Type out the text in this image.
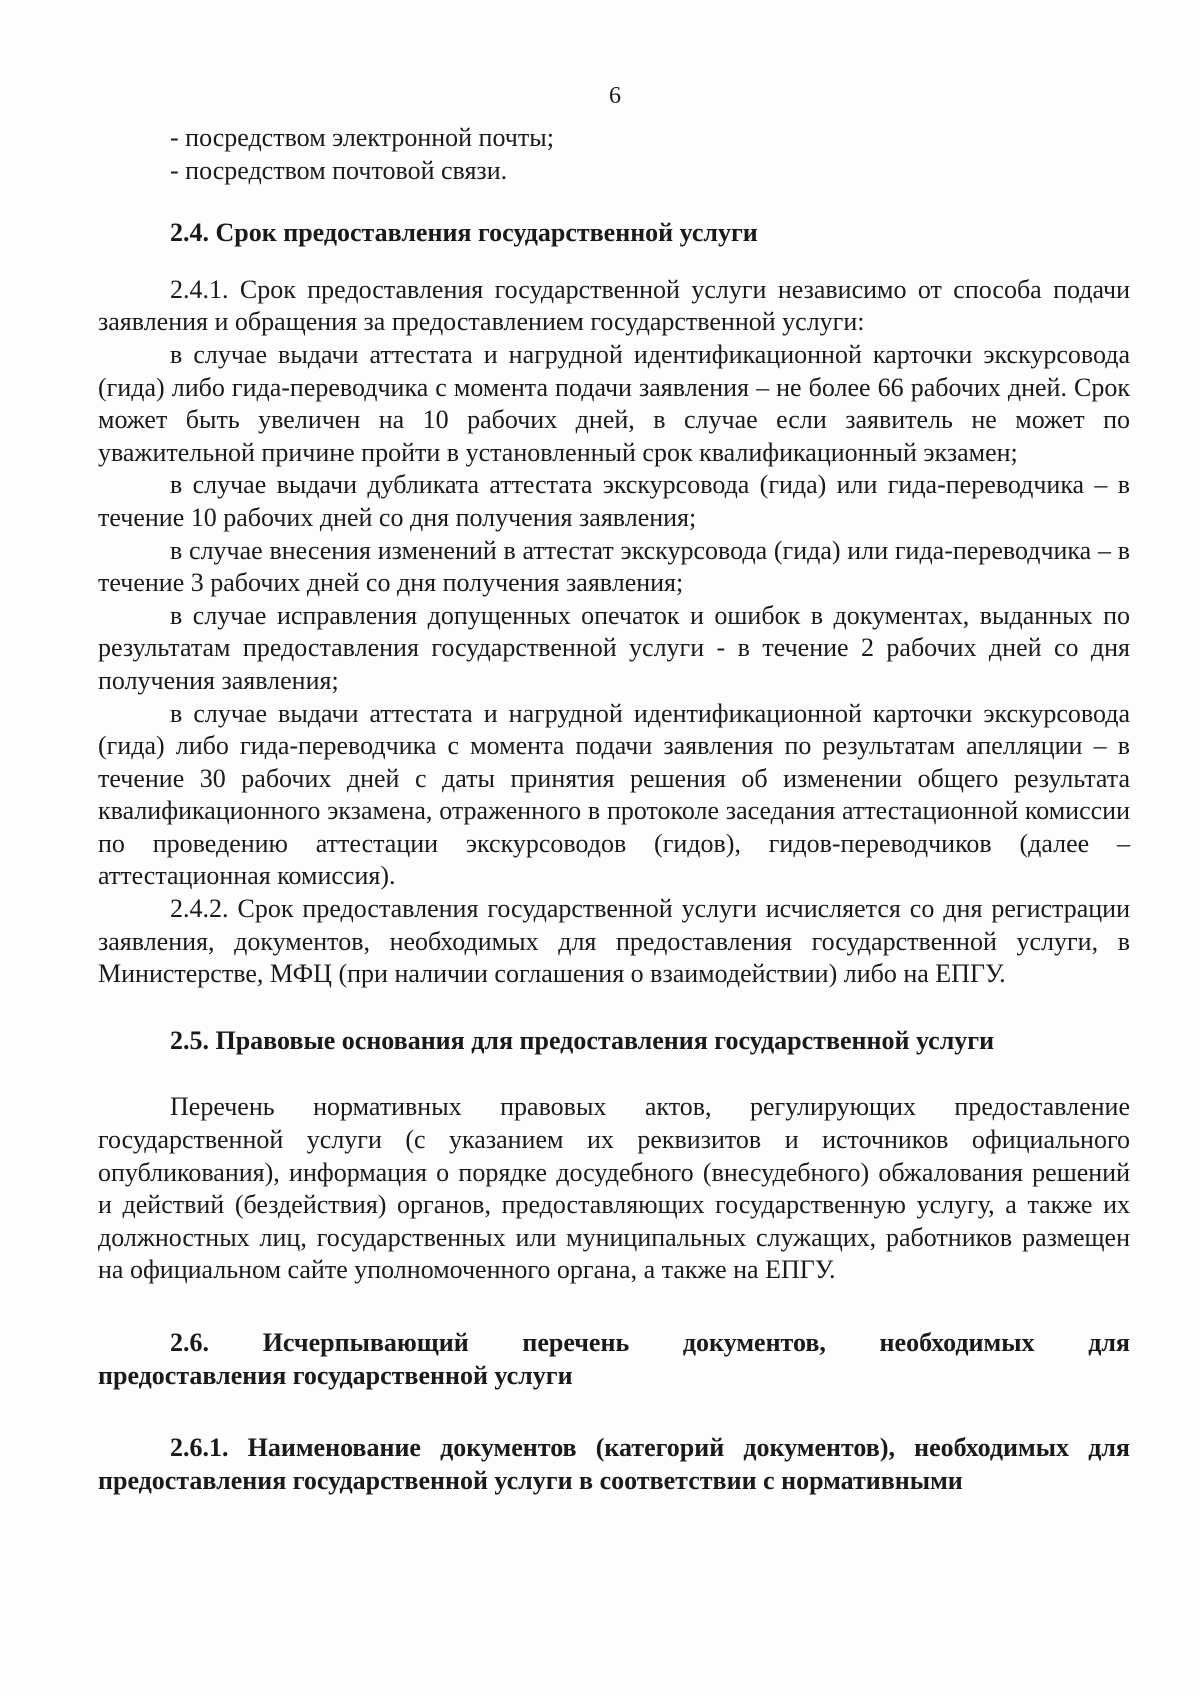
6

- посредством электронной почты;

- посредством почтовой связи.

2.4. Срок предоставления государственной услуги

2.4.1. Срок предоставления государственной услуги независимо от способа подачи заявления и обращения за предоставлением государственной услуги:

в случае выдачи аттестата и нагрудной идентификационной карточки экскурсовода (гида) либо гида-переводчика с момента подачи заявления – не более 66 рабочих дней. Срок может быть увеличен на 10 рабочих дней, в случае если заявитель не может по уважительной причине пройти в установленный срок квалификационный экзамен;

в случае выдачи дубликата аттестата экскурсовода (гида) или гида-переводчика – в течение 10 рабочих дней со дня получения заявления;

в случае внесения изменений в аттестат экскурсовода (гида) или гида-переводчика – в течение 3 рабочих дней со дня получения заявления;

в случае исправления допущенных опечаток и ошибок в документах, выданных по результатам предоставления государственной услуги - в течение 2 рабочих дней со дня получения заявления;

в случае выдачи аттестата и нагрудной идентификационной карточки экскурсовода (гида) либо гида-переводчика с момента подачи заявления по результатам апелляции – в течение 30 рабочих дней с даты принятия решения об изменении общего результата квалификационного экзамена, отраженного в протоколе заседания аттестационной комиссии по проведению аттестации экскурсоводов (гидов), гидов-переводчиков (далее – аттестационная комиссия).

2.4.2. Срок предоставления государственной услуги исчисляется со дня регистрации заявления, документов, необходимых для предоставления государственной услуги, в Министерстве, МФЦ (при наличии соглашения о взаимодействии) либо на ЕПГУ.

2.5. Правовые основания для предоставления государственной услуги

Перечень нормативных правовых актов, регулирующих предоставление государственной услуги (с указанием их реквизитов и источников официального опубликования), информация о порядке досудебного (внесудебного) обжалования решений и действий (бездействия) органов, предоставляющих государственную услугу, а также их должностных лиц, государственных или муниципальных служащих, работников размещен на официальном сайте уполномоченного органа, а также на ЕПГУ.

2.6. Исчерпывающий перечень документов, необходимых для
предоставления государственной услуги
2.6.1. Наименование документов (категорий документов), необходимых для предоставления государственной услуги в соответствии с нормативными
